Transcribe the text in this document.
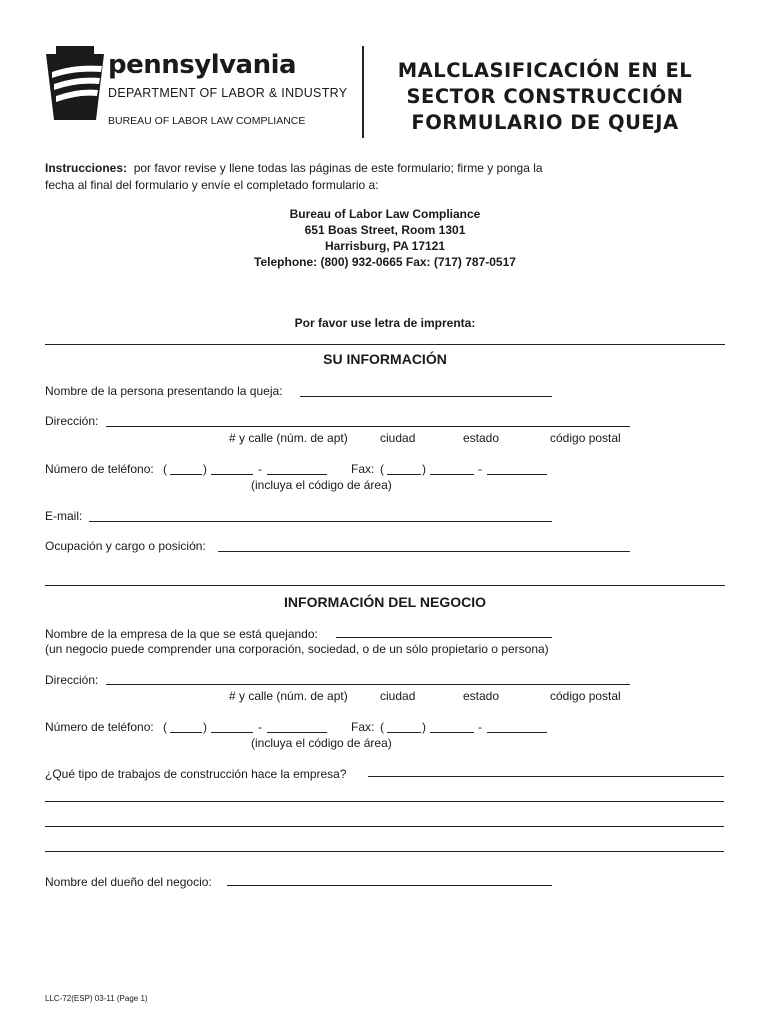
pennsylvania
DEPARTMENT OF LABOR & INDUSTRY
BUREAU OF LABOR LAW COMPLIANCE
MALCLASIFICACIÓN EN EL
SECTOR CONSTRUCCIÓN
FORMULARIO DE QUEJA
Instrucciones: por favor revise y llene todas las páginas de este formulario; firme y ponga la fecha al final del formulario y envíe el completado formulario a:
Bureau of Labor Law Compliance
651 Boas Street, Room 1301
Harrisburg, PA 17121
Telephone: (800) 932-0665 Fax: (717) 787-0517
Por favor use letra de imprenta:
SU INFORMACIÓN
Nombre de la persona presentando la queja:
Dirección:
# y calle (núm. de apt)	ciudad	estado	código postal
Número de teléfono: (	)	-	Fax: (	)	-
(incluya el código de área)
E-mail:
Ocupación y cargo o posición:
INFORMACIÓN DEL NEGOCIO
Nombre de la empresa de la que se está quejando:
(un negocio puede comprender una corporación, sociedad, o de un sólo propietario o persona)
Dirección:
# y calle (núm. de apt)	ciudad	estado	código postal
Número de teléfono: (	)	-	Fax: (	)	-
(incluya el código de área)
¿Qué tipo de trabajos de construcción hace la empresa?
Nombre del dueño del negocio:
LLC-72(ESP) 03-11 (Page 1)
